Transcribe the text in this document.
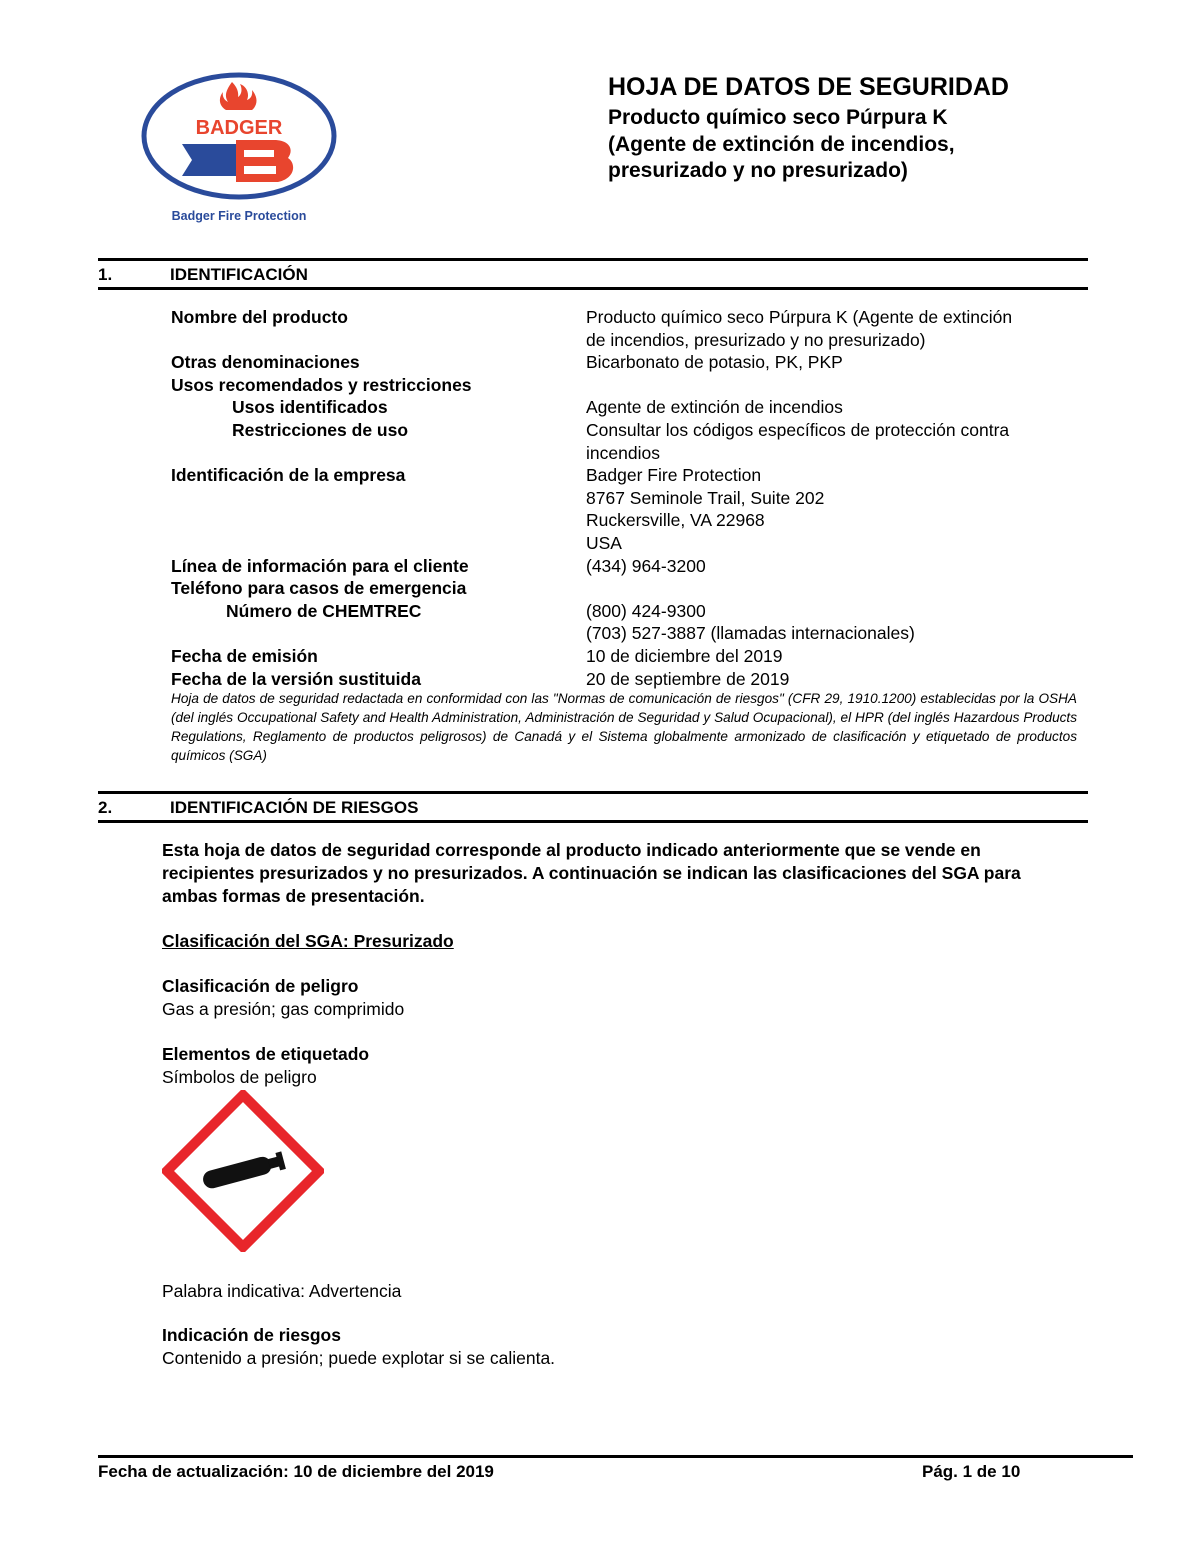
BADGER
Badger Fire Protection
HOJA DE DATOS DE SEGURIDAD
Producto químico seco Púrpura K
(Agente de extinción de incendios,
presurizado y no presurizado)
1.	IDENTIFICACIÓN
Nombre del producto	Producto químico seco Púrpura K (Agente de extinción
de incendios, presurizado y no presurizado)
Otras denominaciones	Bicarbonato de potasio, PK, PKP
Usos recomendados y restricciones
Usos identificados	Agente de extinción de incendios
Restricciones de uso	Consultar los códigos específicos de protección contra
incendios
Identificación de la empresa	Badger Fire Protection
8767 Seminole Trail, Suite 202
Ruckersville, VA 22968
USA
Línea de información para el cliente	(434) 964-3200
Teléfono para casos de emergencia
Número de CHEMTREC	(800) 424-9300
(703) 527-3887 (llamadas internacionales)
Fecha de emisión	10 de diciembre del 2019
Fecha de la versión sustituida	20 de septiembre de 2019
Hoja de datos de seguridad redactada en conformidad con las "Normas de comunicación de riesgos" (CFR 29, 1910.1200) establecidas por la OSHA (del inglés Occupational Safety and Health Administration, Administración de Seguridad y Salud Ocupacional), el HPR (del inglés Hazardous Products Regulations, Reglamento de productos peligrosos) de Canadá y el Sistema globalmente armonizado de clasificación y etiquetado de productos químicos (SGA)
2.	IDENTIFICACIÓN DE RIESGOS
Esta hoja de datos de seguridad corresponde al producto indicado anteriormente que se vende en recipientes presurizados y no presurizados. A continuación se indican las clasificaciones del SGA para ambas formas de presentación.
Clasificación del SGA: Presurizado
Clasificación de peligro
Gas a presión; gas comprimido
Elementos de etiquetado
Símbolos de peligro
Palabra indicativa: Advertencia
Indicación de riesgos
Contenido a presión; puede explotar si se calienta.
Fecha de actualización: 10 de diciembre del 2019	Pág. 1 de 10
